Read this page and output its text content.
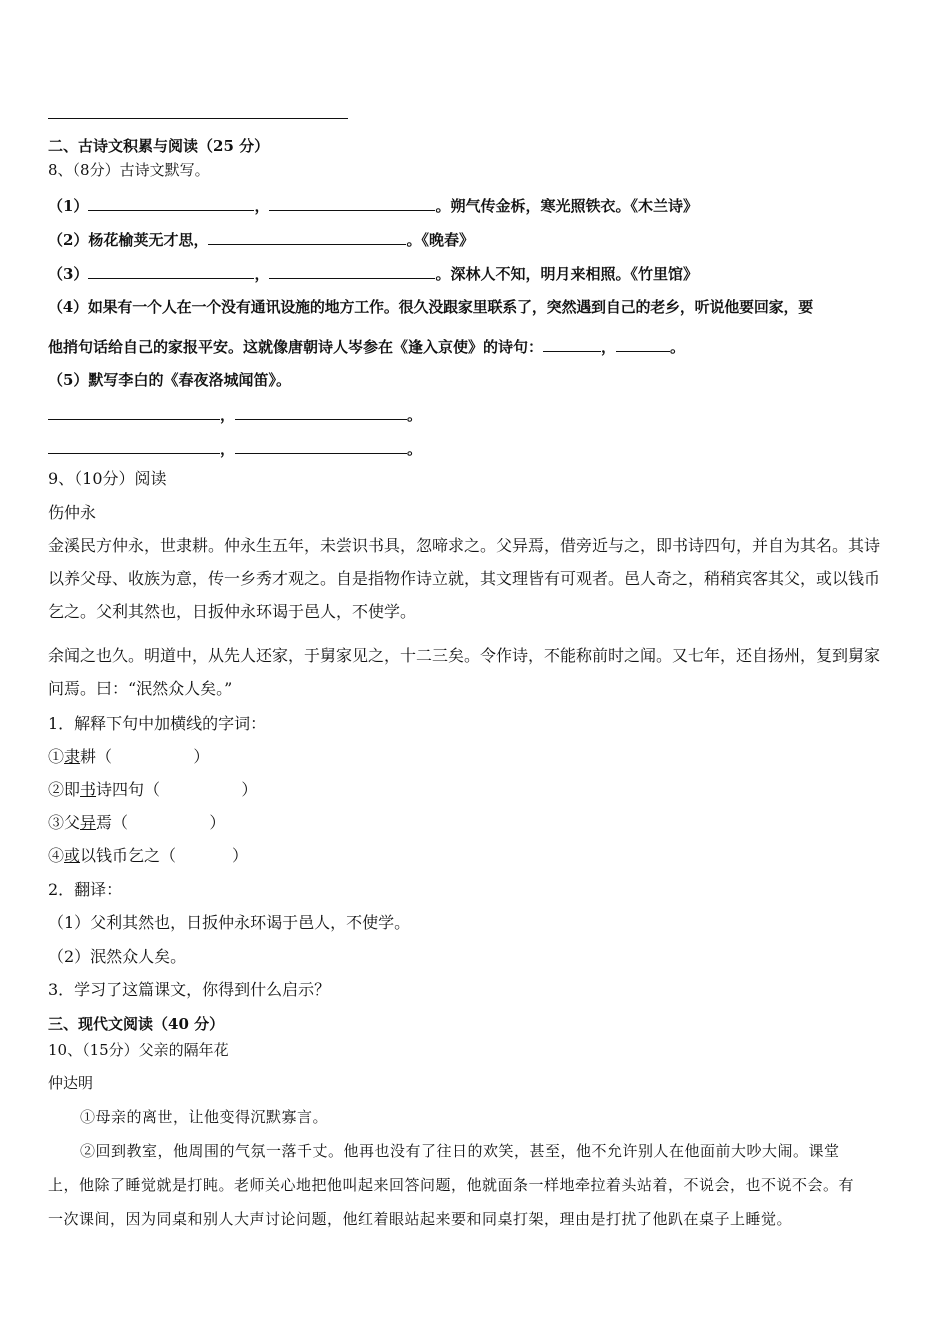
二、古诗文积累与阅读（25 分）
8、（8分）古诗文默写。
（1）	，	。朔气传金柝，寒光照铁衣。《木兰诗》
（2）杨花榆荚无才思，	。《晚春》
（3）	，	。深林人不知，明月来相照。《竹里馆》
（4）如果有一个人在一个没有通讯设施的地方工作。很久没跟家里联系了，突然遇到自己的老乡，听说他要回家，要
他捎句话给自己的家报平安。这就像唐朝诗人岑参在《逢入京使》的诗句：	，	。
（5）默写李白的《春夜洛城闻笛》。
，	。
，	。
9、（10分）阅读
伤仲永
金溪民方仲永，世隶耕。仲永生五年，未尝识书具，忽啼求之。父异焉，借旁近与之，即书诗四句，并自为其名。其诗
以养父母、收族为意，传一乡秀才观之。自是指物作诗立就，其文理皆有可观者。邑人奇之，稍稍宾客其父，或以钱币
乞之。父利其然也，日扳仲永环谒于邑人，不使学。
余闻之也久。明道中，从先人还家，于舅家见之，十二三矣。令作诗，不能称前时之闻。又七年，还自扬州，复到舅家
问焉。曰：“泯然众人矣。”
1．解释下句中加横线的字词：
①隶耕（                ）
②即书诗四句（                ）
③父异焉（                ）
④或以钱币乞之（           ）
2．翻译：
（1）父利其然也，日扳仲永环谒于邑人，不使学。
（2）泯然众人矣。
3．学习了这篇课文，你得到什么启示？
三、现代文阅读（40 分）
10、（15分）父亲的隔年花
仲达明
①母亲的离世，让他变得沉默寡言。
②回到教室，他周围的气氛一落千丈。他再也没有了往日的欢笑，甚至，他不允许别人在他面前大吵大闹。课堂
上，他除了睡觉就是打盹。老师关心地把他叫起来回答问题，他就面条一样地牵拉着头站着，不说会，也不说不会。有
一次课间，因为同桌和别人大声讨论问题，他红着眼站起来要和同桌打架，理由是打扰了他趴在桌子上睡觉。
